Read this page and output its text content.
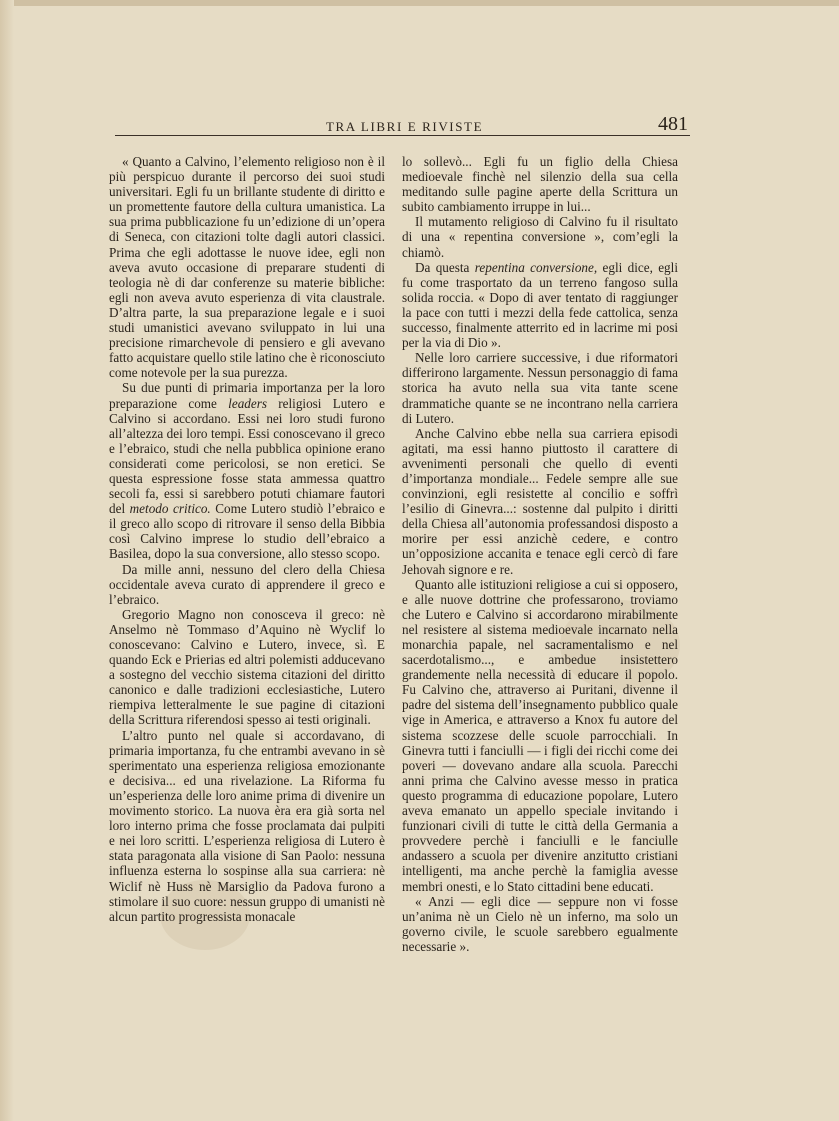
TRA LIBRI E RIVISTE	481

« Quanto a Calvino, l’elemento religioso non è il più perspicuo durante il percorso dei suoi studi universitari. Egli fu un brillante studente di diritto e un promettente fautore della cultura umanistica. La sua prima pubblicazione fu un’edizione di un’opera di Seneca, con citazioni tolte dagli autori classici. Prima che egli adottasse le nuove idee, egli non aveva avuto occasione di preparare studenti di teologia nè di dar conferenze su materie bibliche: egli non aveva avuto esperienza di vita claustrale. D’altra parte, la sua preparazione legale e i suoi studi umanistici avevano sviluppato in lui una precisione rimarchevole di pensiero e gli avevano fatto acquistare quello stile latino che è riconosciuto come notevole per la sua purezza.

Su due punti di primaria importanza per la loro preparazione come leaders religiosi Lutero e Calvino si accordano. Essi nei loro studi furono all’altezza dei loro tempi. Essi conoscevano il greco e l’ebraico, studi che nella pubblica opinione erano considerati come pericolosi, se non eretici. Se questa espressione fosse stata ammessa quattro secoli fa, essi si sarebbero potuti chiamare fautori del metodo critico. Come Lutero studiò l’ebraico e il greco allo scopo di ritrovare il senso della Bibbia così Calvino imprese lo studio dell’ebraico a Basilea, dopo la sua conversione, allo stesso scopo.

Da mille anni, nessuno del clero della Chiesa occidentale aveva curato di apprendere il greco e l’ebraico.

Gregorio Magno non conosceva il greco: nè Anselmo nè Tommaso d’Aquino nè Wyclif lo conoscevano: Calvino e Lutero, invece, sì. E quando Eck e Prierias ed altri polemisti adducevano a sostegno del vecchio sistema citazioni del diritto canonico e dalle tradizioni ecclesiastiche, Lutero riempiva letteralmente le sue pagine di citazioni della Scrittura riferendosi spesso ai testi originali.

L’altro punto nel quale si accordavano, di primaria importanza, fu che entrambi avevano in sè sperimentato una esperienza religiosa emozionante e decisiva... ed una rivelazione. La Riforma fu un’esperienza delle loro anime prima di divenire un movimento storico. La nuova èra era già sorta nel loro interno prima che fosse proclamata dai pulpiti e nei loro scritti. L’esperienza religiosa di Lutero è stata paragonata alla visione di San Paolo: nessuna influenza esterna lo sospinse alla sua carriera: nè Wiclif nè Huss nè Marsiglio da Padova furono a stimolare il suo cuore: nessun gruppo di umanisti nè alcun partito progressista monacale

lo sollevò... Egli fu un figlio della Chiesa medioevale finchè nel silenzio della sua cella meditando sulle pagine aperte della Scrittura un subito cambiamento irruppe in lui...

Il mutamento religioso di Calvino fu il risultato di una « repentina conversione », com’egli la chiamò.

Da questa repentina conversione, egli dice, egli fu come trasportato da un terreno fangoso sulla solida roccia. « Dopo di aver tentato di raggiunger la pace con tutti i mezzi della fede cattolica, senza successo, finalmente atterrito ed in lacrime mi posi per la via di Dio ».

Nelle loro carriere successive, i due riformatori differirono largamente. Nessun personaggio di fama storica ha avuto nella sua vita tante scene drammatiche quante se ne incontrano nella carriera di Lutero.

Anche Calvino ebbe nella sua carriera episodi agitati, ma essi hanno piuttosto il carattere di avvenimenti personali che quello di eventi d’importanza mondiale... Fedele sempre alle sue convinzioni, egli resistette al concilio e soffrì l’esilio di Ginevra...: sostenne dal pulpito i diritti della Chiesa all’autonomia professandosi disposto a morire per essi anzichè cedere, e contro un’opposizione accanita e tenace egli cercò di fare Jehovah signore e re.

Quanto alle istituzioni religiose a cui si opposero, e alle nuove dottrine che professarono, troviamo che Lutero e Calvino si accordarono mirabilmente nel resistere al sistema medioevale incarnato nella monarchia papale, nel sacramentalismo e nel sacerdotalismo..., e ambedue insistettero grandemente nella necessità di educare il popolo. Fu Calvino che, attraverso ai Puritani, divenne il padre del sistema dell’insegnamento pubblico quale vige in America, e attraverso a Knox fu autore del sistema scozzese delle scuole parrocchiali. In Ginevra tutti i fanciulli — i figli dei ricchi come dei poveri — dovevano andare alla scuola. Parecchi anni prima che Calvino avesse messo in pratica questo programma di educazione popolare, Lutero aveva emanato un appello speciale invitando i funzionari civili di tutte le città della Germania a provvedere perchè i fanciulli e le fanciulle andassero a scuola per divenire anzitutto cristiani intelligenti, ma anche perchè la famiglia avesse membri onesti, e lo Stato cittadini bene educati.

« Anzi — egli dice — seppure non vi fosse un’anima nè un Cielo nè un inferno, ma solo un governo civile, le scuole sarebbero egualmente necessarie ».
